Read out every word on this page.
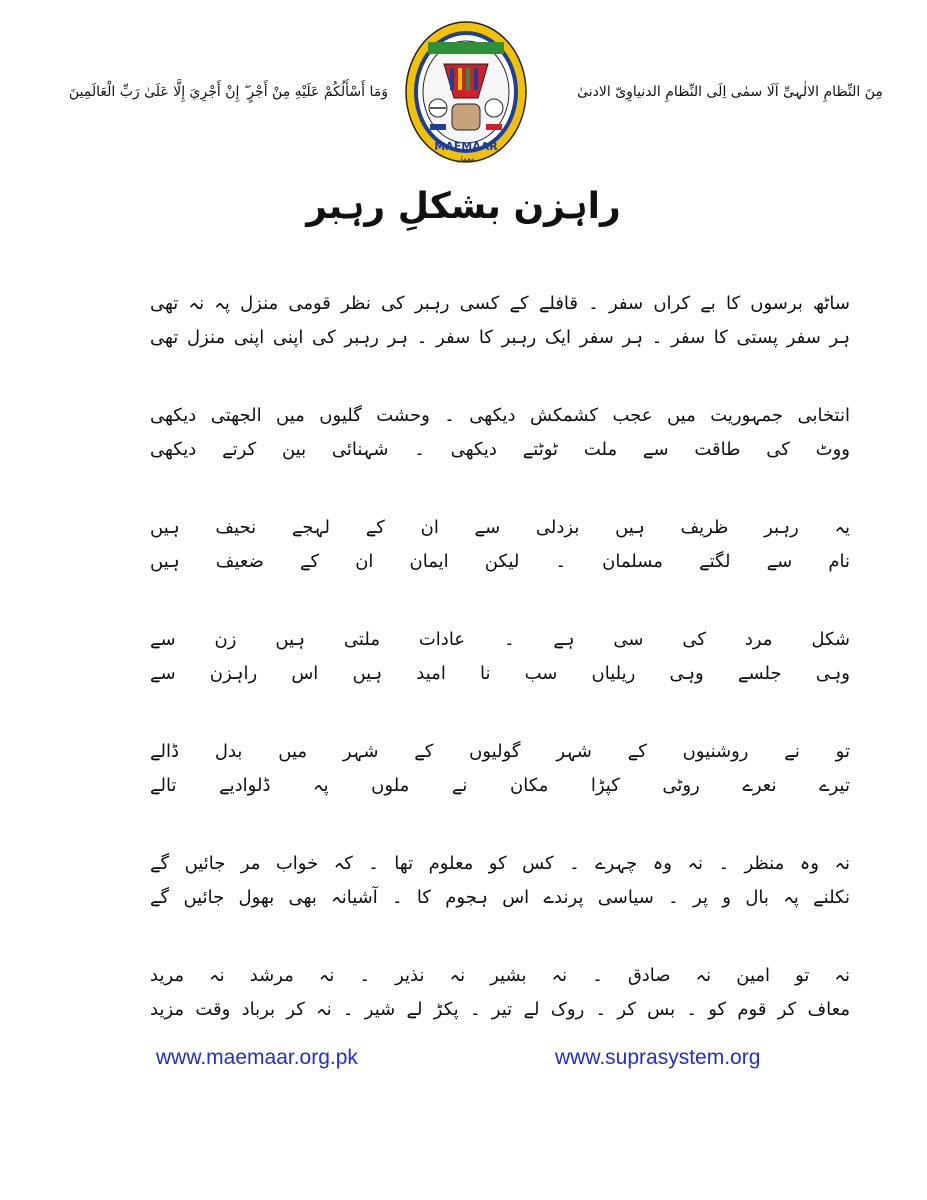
وَمَا أَسْأَلُكُمْ عَلَيْهِ مِنْ أَجْرٍ ۖ إِنْ أَجْرِيَ إِلَّا عَلَىٰ رَبِّ الْعَالَمِينَ
MAEMAAR
معمار
مِنَ النِّظامِ الالٰہیِّ اَلَا سمٰی اِلَی النِّظامِ الدنیاوِیّ الادنیٰ
راہزن بشکلِ رہبر
ساٹھ برسوں کا بے کراں سفر ۔ قافلے کے کسی رہبر کی نظر قومی منزل پہ نہ تھی
ہر سفر پستی کا سفر ۔ ہر سفر ایک رہبر کا سفر ۔ ہر رہبر کی اپنی اپنی منزل تھی
انتخابی جمہوریت میں عجب کشمکش دیکھی ۔ وحشت گلیوں میں الجھتی دیکھی
ووٹ کی طاقت سے ملت ٹوٹتے دیکھی ۔ شہنائی بین کرتے دیکھی
یہ رہبر ظریف ہیں بزدلی سے ان کے لہجے نحیف ہیں
نام سے لگتے مسلمان ۔ لیکن ایمان ان کے ضعیف ہیں
شکل مرد کی سی ہے ۔ عادات ملتی ہیں زن سے
وہی جلسے وہی ریلیاں سب نا امید ہیں اس راہزن سے
تو نے روشنیوں کے شہر گولیوں کے شہر میں بدل ڈالے
تیرے نعرے روٹی کپڑا مکان نے ملوں پہ ڈلوادیے تالے
نہ وہ منظر ۔ نہ وہ چہرے ۔ کس کو معلوم تھا ۔ کہ خواب مر جائیں گے
نکلنے پہ بال و پر ۔ سیاسی پرندے اس ہجوم کا ۔ آشیانہ بھی بھول جائیں گے
نہ تو امین نہ صادق ۔ نہ بشیر نہ نذیر ۔ نہ مرشد نہ مرید
معاف کر قوم کو ۔ بس کر ۔ روک لے تیر ۔ پکڑ لے شیر ۔ نہ کر برباد وقت مزید
www.maemaar.org.pk	www.suprasystem.org
